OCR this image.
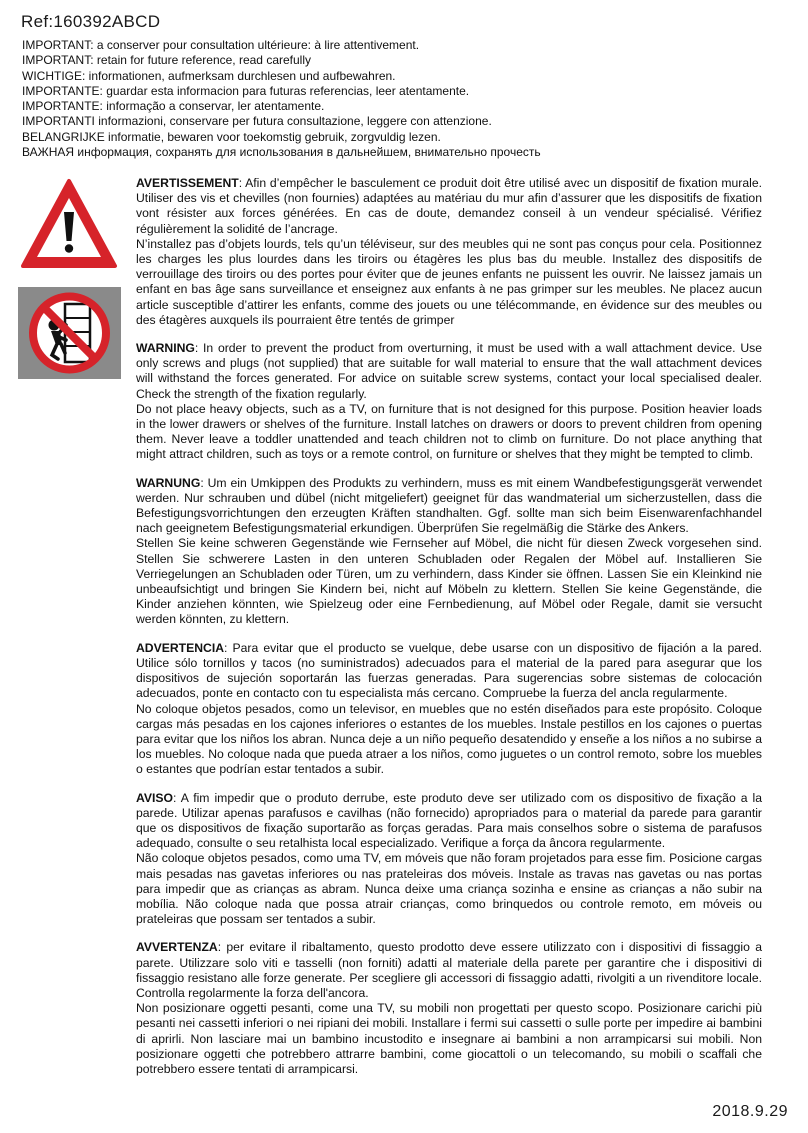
Ref:160392ABCD
IMPORTANT: a conserver pour consultation ultérieure: à lire attentivement.
IMPORTANT: retain for future reference, read carefully
WICHTIGE: informationen, aufmerksam durchlesen und aufbewahren.
IMPORTANTE: guardar esta informacion para futuras referencias, leer atentamente.
IMPORTANTE: informação a conservar, ler atentamente.
IMPORTANTI informazioni, conservare per futura consultazione, leggere con attenzione.
BELANGRIJKE informatie, bewaren voor toekomstig gebruik, zorgvuldig lezen.
ВАЖНАЯ информация, сохранять для использования в дальнейшем, внимательно прочесть

AVERTISSEMENT: Afin d’empêcher le basculement ce produit doit être utilisé avec un dispositif de fixation murale. Utiliser des vis et chevilles (non fournies) adaptées au matériau du mur afin d’assurer que les dispositifs de fixation vont résister aux forces générées. En cas de doute, demandez conseil à un vendeur spécialisé. Vérifiez régulièrement la solidité de l’ancrage.

N’installez pas d’objets lourds, tels qu’un téléviseur, sur des meubles qui ne sont pas conçus pour cela. Positionnez les charges les plus lourdes dans les tiroirs ou étagères les plus bas du meuble. Installez des dispositifs de verrouillage des tiroirs ou des portes pour éviter que de jeunes enfants ne puissent les ouvrir. Ne laissez jamais un enfant en bas âge sans surveillance et enseignez aux enfants à ne pas grimper sur les meubles. Ne placez aucun article susceptible d’attirer les enfants, comme des jouets ou une télécommande, en évidence sur des meubles ou des étagères auxquels ils pourraient être tentés de grimper

WARNING: In order to prevent the product from overturning, it must be used with a wall attachment device. Use only screws and plugs (not supplied) that are suitable for wall material to ensure that the wall attachment devices will withstand the forces generated. For advice on suitable screw systems, contact your local specialised dealer. Check the strength of the fixation regularly.

Do not place heavy objects, such as a TV, on furniture that is not designed for this purpose. Position heavier loads in the lower drawers or shelves of the furniture. Install latches on drawers or doors to prevent children from opening them. Never leave a toddler unattended and teach children not to climb on furniture. Do not place anything that might attract children, such as toys or a remote control, on furniture or shelves that they might be tempted to climb.

WARNUNG: Um ein Umkippen des Produkts zu verhindern, muss es mit einem Wandbefestigungsgerät verwendet werden. Nur schrauben und dübel (nicht mitgeliefert) geeignet für das wandmaterial um sicherzustellen, dass die Befestigungsvorrichtungen den erzeugten Kräften standhalten. Ggf. sollte man sich beim Eisenwarenfachhandel nach geeignetem Befestigungsmaterial erkundigen. Überprüfen Sie regelmäßig die Stärke des Ankers.

Stellen Sie keine schweren Gegenstände wie Fernseher auf Möbel, die nicht für diesen Zweck vorgesehen sind. Stellen Sie schwerere Lasten in den unteren Schubladen oder Regalen der Möbel auf. Installieren Sie Verriegelungen an Schubladen oder Türen, um zu verhindern, dass Kinder sie öffnen. Lassen Sie ein Kleinkind nie unbeaufsichtigt und bringen Sie Kindern bei, nicht auf Möbeln zu klettern. Stellen Sie keine Gegenstände, die Kinder anziehen könnten, wie Spielzeug oder eine Fernbedienung, auf Möbel oder Regale, damit sie versucht werden könnten, zu klettern.

ADVERTENCIA: Para evitar que el producto se vuelque, debe usarse con un dispositivo de fijación a la pared. Utilice sólo tornillos y tacos (no suministrados) adecuados para el material de la pared para asegurar que los dispositivos de sujeción soportarán las fuerzas generadas. Para sugerencias sobre sistemas de colocación adecuados, ponte en contacto con tu especialista más cercano. Compruebe la fuerza del ancla regularmente.

No coloque objetos pesados, como un televisor, en muebles que no estén diseñados para este propósito. Coloque cargas más pesadas en los cajones inferiores o estantes de los muebles. Instale pestillos en los cajones o puertas para evitar que los niños los abran. Nunca deje a un niño pequeño desatendido y enseñe a los niños a no subirse a los muebles. No coloque nada que pueda atraer a los niños, como juguetes o un control remoto, sobre los muebles o estantes que podrían estar tentados a subir.

AVISO: A fim impedir que o produto derrube, este produto deve ser utilizado com os dispositivo de fixação a la parede. Utilizar apenas parafusos e cavilhas (não fornecido) apropriados para o material da parede para garantir que os dispositivos de fixação suportarão as forças geradas. Para mais conselhos sobre o sistema de parafusos adequado, consulte o seu retalhista local especializado. Verifique a força da âncora regularmente.

Não coloque objetos pesados, como uma TV, em móveis que não foram projetados para esse fim. Posicione cargas mais pesadas nas gavetas inferiores ou nas prateleiras dos móveis. Instale as travas nas gavetas ou nas portas para impedir que as crianças as abram. Nunca deixe uma criança sozinha e ensine as crianças a não subir na mobília. Não coloque nada que possa atrair crianças, como brinquedos ou controle remoto, em móveis ou prateleiras que possam ser tentados a subir.

AVVERTENZA: per evitare il ribaltamento, questo prodotto deve essere utilizzato con i dispositivi di fissaggio a parete. Utilizzare solo viti e tasselli (non forniti) adatti al materiale della parete per garantire che i dispositivi di fissaggio resistano alle forze generate. Per scegliere gli accessori di fissaggio adatti, rivolgiti a un rivenditore locale. Controlla regolarmente la forza dell'ancora.

Non posizionare oggetti pesanti, come una TV, su mobili non progettati per questo scopo. Posizionare carichi più pesanti nei cassetti inferiori o nei ripiani dei mobili. Installare i fermi sui cassetti o sulle porte per impedire ai bambini di aprirli. Non lasciare mai un bambino incustodito e insegnare ai bambini a non arrampicarsi sui mobili. Non posizionare oggetti che potrebbero attrarre bambini, come giocattoli o un telecomando, su mobili o scaffali che potrebbero essere tentati di arrampicarsi.

2018.9.29
